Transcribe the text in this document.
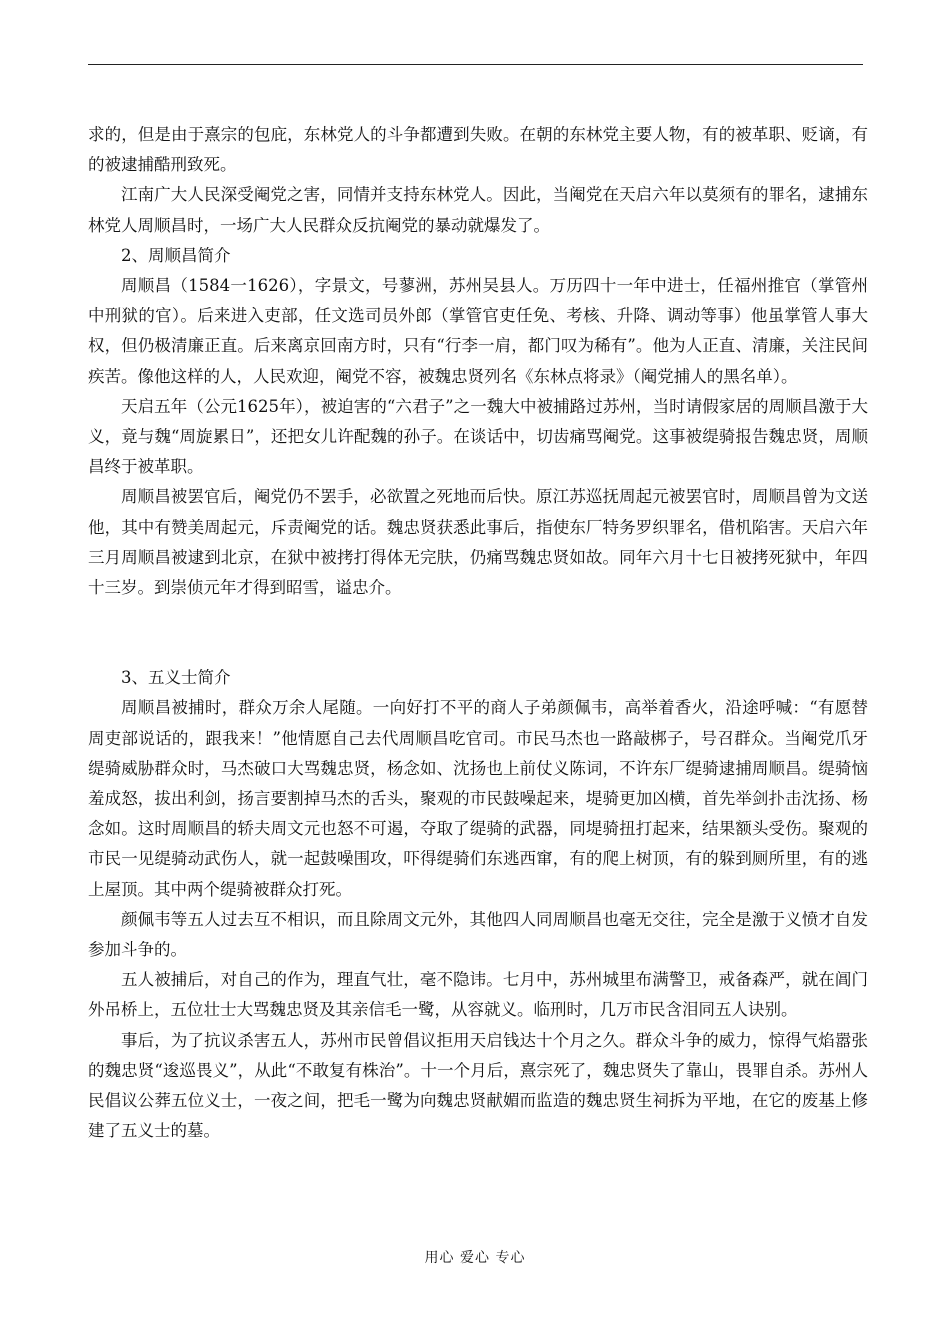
求的，但是由于熹宗的包庇，东林党人的斗争都遭到失败。在朝的东林党主要人物，有的被革职、贬谪，有的被逮捕酷刑致死。

江南广大人民深受阉党之害，同情并支持东林党人。因此，当阉党在天启六年以莫须有的罪名，逮捕东林党人周顺昌时，一场广大人民群众反抗阉党的暴动就爆发了。

2、周顺昌简介

周顺昌（1584一1626），字景文，号蓼洲，苏州吴县人。万历四十一年中进士，任福州推官（掌管州中刑狱的官）。后来进入吏部，任文选司员外郎（掌管官吏任免、考核、升降、调动等事）他虽掌管人事大权，但仍极清廉正直。后来离京回南方时，只有“行李一肩，都门叹为稀有”。他为人正直、清廉，关注民间疾苦。像他这样的人，人民欢迎，阉党不容，被魏忠贤列名《东林点将录》（阉党捕人的黑名单）。

天启五年（公元1625年），被迫害的“六君子”之一魏大中被捕路过苏州，当时请假家居的周顺昌激于大义，竟与魏“周旋累日”，还把女儿许配魏的孙子。在谈话中，切齿痛骂阉党。这事被缇骑报告魏忠贤，周顺昌终于被革职。

周顺昌被罢官后，阉党仍不罢手，必欲置之死地而后快。原江苏巡抚周起元被罢官时，周顺昌曾为文送他，其中有赞美周起元，斥责阉党的话。魏忠贤获悉此事后，指使东厂特务罗织罪名，借机陷害。天启六年三月周顺昌被逮到北京，在狱中被拷打得体无完肤，仍痛骂魏忠贤如故。同年六月十七日被拷死狱中，年四十三岁。到崇侦元年才得到昭雪，谥忠介。

3、五义士简介

周顺昌被捕时，群众万余人尾随。一向好打不平的商人子弟颜佩韦，高举着香火，沿途呼喊：“有愿替周吏部说话的，跟我来！”他情愿自己去代周顺昌吃官司。市民马杰也一路敲梆子，号召群众。当阉党爪牙缇骑威胁群众时，马杰破口大骂魏忠贤，杨念如、沈扬也上前仗义陈词，不许东厂缇骑逮捕周顺昌。缇骑恼羞成怒，拔出利剑，扬言要割掉马杰的舌头，聚观的市民鼓噪起来，堤骑更加凶横，首先举剑扑击沈扬、杨念如。这时周顺昌的轿夫周文元也怒不可遏，夺取了缇骑的武器，同堤骑扭打起来，结果额头受伤。聚观的市民一见缇骑动武伤人，就一起鼓噪围攻，吓得缇骑们东逃西窜，有的爬上树顶，有的躲到厕所里，有的逃上屋顶。其中两个缇骑被群众打死。

颜佩韦等五人过去互不相识，而且除周文元外，其他四人同周顺昌也毫无交往，完全是激于义愤才自发参加斗争的。

五人被捕后，对自己的作为，理直气壮，毫不隐讳。七月中，苏州城里布满警卫，戒备森严，就在阊门外吊桥上，五位壮士大骂魏忠贤及其亲信毛一鹭，从容就义。临刑时，几万市民含泪同五人诀别。

事后，为了抗议杀害五人，苏州市民曾倡议拒用天启钱达十个月之久。群众斗争的威力，惊得气焰嚣张的魏忠贤“逡巡畏义”，从此“不敢复有株治”。十一个月后，熹宗死了，魏忠贤失了靠山，畏罪自杀。苏州人民倡议公葬五位义士，一夜之间，把毛一鹭为向魏忠贤献媚而监造的魏忠贤生祠拆为平地，在它的废基上修建了五义士的墓。

用心 爱心 专心
